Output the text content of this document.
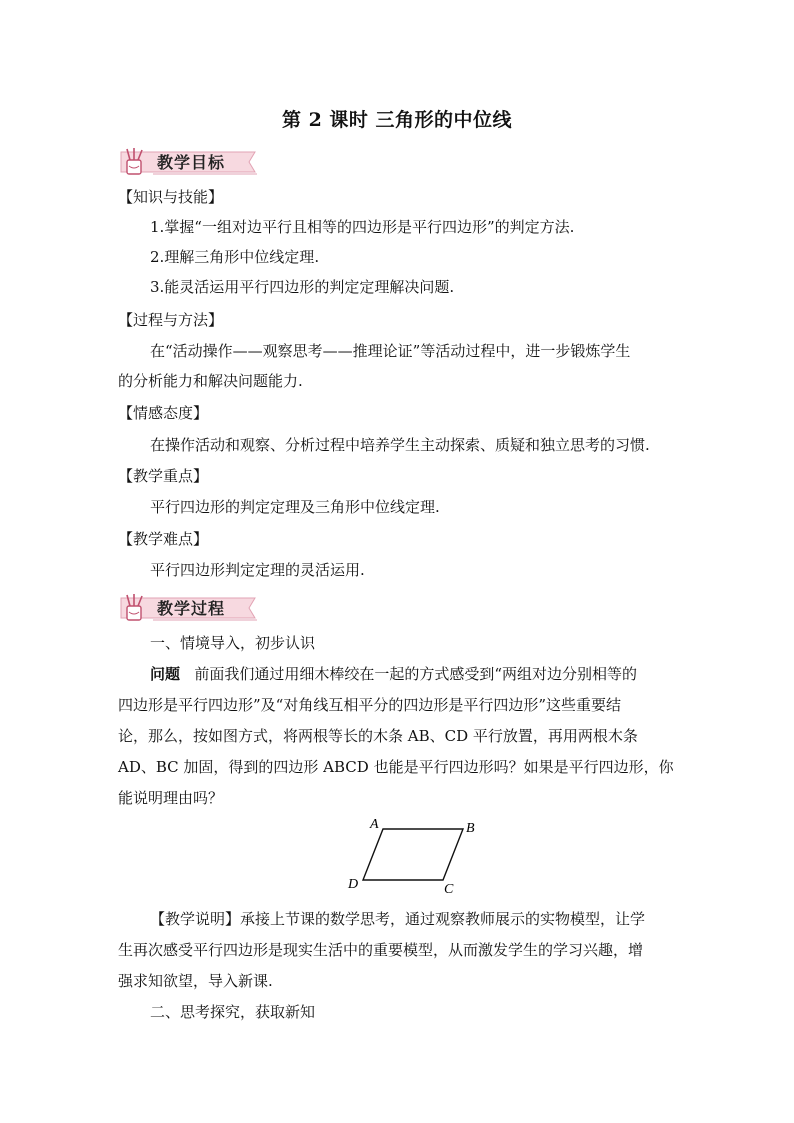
第 2 课时 三角形的中位线
教学目标
【知识与技能】
1.掌握“一组对边平行且相等的四边形是平行四边形”的判定方法.
2.理解三角形中位线定理.
3.能灵活运用平行四边形的判定定理解决问题.
【过程与方法】
在“活动操作——观察思考——推理论证”等活动过程中，进一步锻炼学生
的分析能力和解决问题能力.
【情感态度】
在操作活动和观察、分析过程中培养学生主动探索、质疑和独立思考的习惯.
【教学重点】
平行四边形的判定定理及三角形中位线定理.
【教学难点】
平行四边形判定定理的灵活运用.
教学过程
一、情境导入，初步认识
问题 前面我们通过用细木棒绞在一起的方式感受到“两组对边分别相等的
四边形是平行四边形”及“对角线互相平分的四边形是平行四边形”这些重要结
论，那么，按如图方式，将两根等长的木条 AB、CD 平行放置，再用两根木条
AD、BC 加固，得到的四边形 ABCD 也能是平行四边形吗？如果是平行四边形，你
能说明理由吗？
A	B
C
D
【教学说明】承接上节课的数学思考，通过观察教师展示的实物模型，让学
生再次感受平行四边形是现实生活中的重要模型，从而激发学生的学习兴趣，增
强求知欲望，导入新课.
二、思考探究，获取新知
